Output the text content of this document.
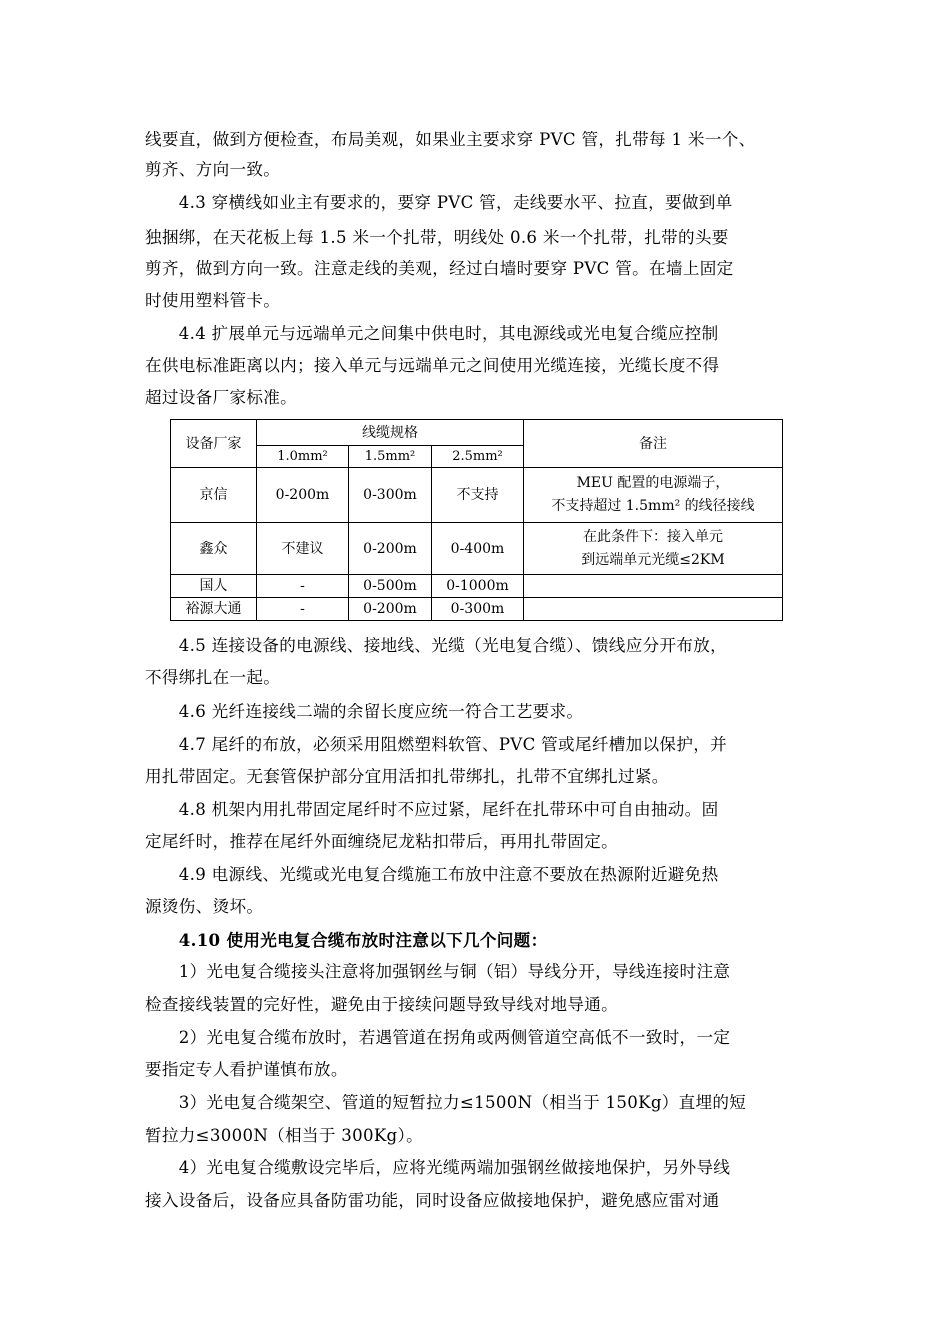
线要直，做到方便检查，布局美观，如果业主要求穿 PVC 管，扎带每 1 米一个、
剪齐、方向一致。
　　4.3 穿横线如业主有要求的，要穿 PVC 管，走线要水平、拉直，要做到单
独捆绑，在天花板上每 1.5 米一个扎带，明线处 0.6 米一个扎带，扎带的头要
剪齐，做到方向一致。注意走线的美观，经过白墙时要穿 PVC 管。在墙上固定
时使用塑料管卡。
　　4.4 扩展单元与远端单元之间集中供电时，其电源线或光电复合缆应控制
在供电标准距离以内；接入单元与远端单元之间使用光缆连接，光缆长度不得
超过设备厂家标准。
设备厂家	线缆规格			备注
	1.0mm²	1.5mm²	2.5mm²	
京信	0-200m	0-300m	不支持	MEU 配置的电源端子，
不支持超过 1.5mm² 的线径接线

鑫众	不建议	0-200m	0-400m	在此条件下：接入单元
到远端单元光缆≤2KM

国人	-	0-500m	0-1000m	
裕源大通	-	0-200m	0-300m	
　　4.5 连接设备的电源线、接地线、光缆（光电复合缆）、馈线应分开布放，
不得绑扎在一起。
　　4.6 光纤连接线二端的余留长度应统一符合工艺要求。
　　4.7 尾纤的布放，必须采用阻燃塑料软管、PVC 管或尾纤槽加以保护，并
用扎带固定。无套管保护部分宜用活扣扎带绑扎，扎带不宜绑扎过紧。
　　4.8 机架内用扎带固定尾纤时不应过紧，尾纤在扎带环中可自由抽动。固
定尾纤时，推荐在尾纤外面缠绕尼龙粘扣带后，再用扎带固定。
　　4.9 电源线、光缆或光电复合缆施工布放中注意不要放在热源附近避免热
源烫伤、烫坏。
　　4.10 使用光电复合缆布放时注意以下几个问题：
　　1）光电复合缆接头注意将加强钢丝与铜（铝）导线分开，导线连接时注意
检查接线装置的完好性，避免由于接续问题导致导线对地导通。
　　2）光电复合缆布放时，若遇管道在拐角或两侧管道空高低不一致时，一定
要指定专人看护谨慎布放。
　　3）光电复合缆架空、管道的短暂拉力≤1500N（相当于 150Kg）直埋的短
暂拉力≤3000N（相当于 300Kg）。
　　4）光电复合缆敷设完毕后，应将光缆两端加强钢丝做接地保护，另外导线
接入设备后，设备应具备防雷功能，同时设备应做接地保护，避免感应雷对通
